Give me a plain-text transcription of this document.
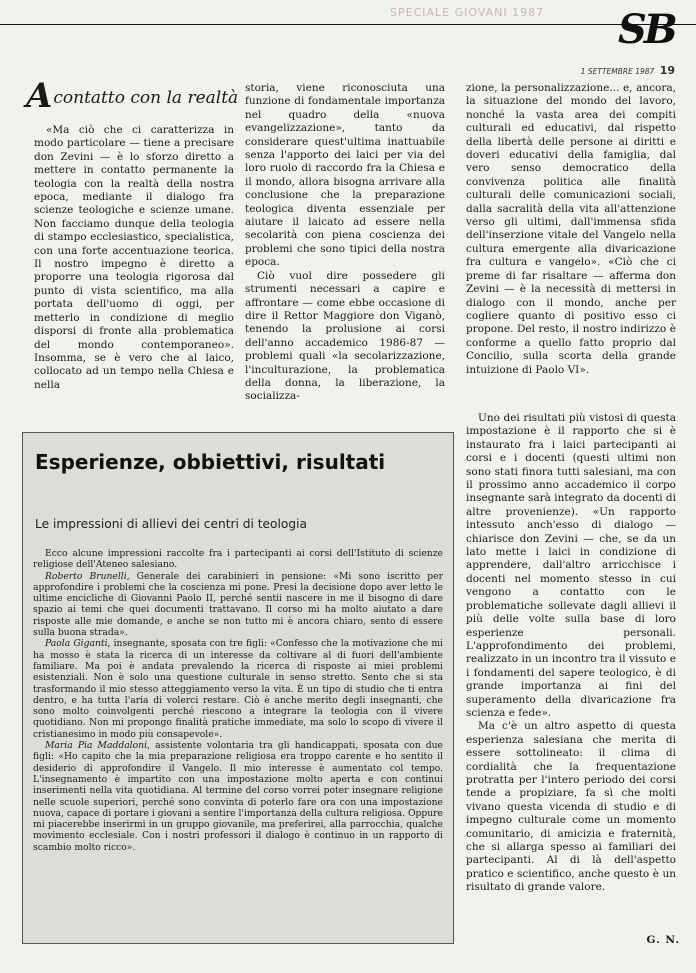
SPECIALE GIOVANI 1987	SB
1 SETTEMBRE 1987 19
Acontatto con la realtà

«Ma ciò che ci caratterizza in modo particolare — tiene a precisare don Zevini — è lo sforzo diretto a mettere in contatto permanente la teologia con la realtà della nostra epoca, mediante il dialogo fra scienze teologiche e scienze umane. Non facciamo dunque della teologia di stampo ecclesiastico, specialistica, con una forte accentuazione teorica. Il nostro impegno è diretto a proporre una teologia rigorosa dal punto di vista scientifico, ma alla portata dell'uomo di oggi, per metterlo in condizione di meglio disporsi di fronte alla problematica del mondo contemporaneo». Insomma, se è vero che al laico, collocato ad un tempo nella Chiesa e nella

storia, viene riconosciuta una funzione di fondamentale importanza nel quadro della «nuova evangelizzazione», tanto da considerare quest'ultima inattuabile senza l'apporto dei laici per via del loro ruolo di raccordo fra la Chiesa e il mondo, allora bisogna arrivare alla conclusione che la preparazione teologica diventa essenziale per aiutare il laicato ad essere nella secolarità con piena coscienza dei problemi che sono tipici della nostra epoca.

Ciò vuol dire possedere gli strumenti necessari a capire e affrontare — come ebbe occasione di dire il Rettor Maggiore don Viganò, tenendo la prolusione ai corsi dell'anno accademico 1986-87 — problemi quali «la secolarizzazione, l'inculturazione, la problematica della donna, la liberazione, la socializza-

zione, la personalizzazione... e, ancora, la situazione del mondo del lavoro, nonché la vasta area dei compiti culturali ed educativi, dal rispetto della libertà delle persone ai diritti e doveri educativi della famiglia, dal vero senso democratico della convivenza politica alle finalità culturali delle comunicazioni sociali, dalla sacralità della vita all'attenzione verso gli ultimi, dall'immensa sfida dell'inserzione vitale del Vangelo nella cultura emergente alla divaricazione fra cultura e vangelo». «Ciò che ci preme di far risaltare — afferma don Zevini — è la necessità di mettersi in dialogo con il mondo, anche per cogliere quanto di positivo esso ci propone. Del resto, il nostro indirizzo è conforme a quello fatto proprio dal Concilio, sulla scorta della grande intuizione di Paolo VI».

Uno dei risultati più vistosi di questa impostazione è il rapporto che si è instaurato fra i laici partecipanti ai corsi e i docenti (questi ultimi non sono stati finora tutti salesiani, ma con il prossimo anno accademico il corpo insegnante sarà integrato da docenti di altre provenienze). «Un rapporto intessuto anch'esso di dialogo — chiarisce don Zevini — che, se da un lato mette i laici in condizione di apprendere, dall'altro arricchisce i docenti nel momento stesso in cui vengono a contatto con le problematiche sollevate dagli allievi il più delle volte sulla base di loro esperienze personali. L'approfondimento dei problemi, realizzato in un incontro tra il vissuto e i fondamenti del sapere teologico, è di grande importanza ai fini del superamento della divaricazione fra scienza e fede».

Ma c'è un altro aspetto di questa esperienza salesiana che merita di essere sottolineato: il clima di cordialità che la frequentazione protratta per l'intero periodo dei corsi tende a propiziare, fa sì che molti vivano questa vicenda di studio e di impegno culturale come un momento comunitario, di amicizia e fraternità, che si allarga spesso ai familiari dei partecipanti. Al di là dell'aspetto pratico e scientifico, anche questo è un risultato di grande valore.

G. N.
Esperienze, obbiettivi, risultati
Le impressioni di allievi dei centri di teologia

Ecco alcune impressioni raccolte fra i partecipanti ai corsi dell'Istituto di scienze religiose dell'Ateneo salesiano.

Roberto Brunelli, Generale dei carabinieri in pensione: «Mi sono iscritto per approfondire i problemi che la coscienza mi pone. Presi la decisione dopo aver letto le ultime encicliche di Giovanni Paolo II, perché sentii nascere in me il bisogno di dare spazio ai temi che quei documenti trattavano. Il corso mi ha molto aiutato a dare risposte alle mie domande, e anche se non tutto mi è ancora chiaro, sento di essere sulla buona strada».

Paola Giganti, insegnante, sposata con tre figli: «Confesso che la motivazione che mi ha mosso è stata la ricerca di un interesse da coltivare al di fuori dell'ambiente familiare. Ma poi è andata prevalendo la ricerca di risposte ai miei problemi esistenziali. Non è solo una questione culturale in senso stretto. Sento che si sta trasformando il mio stesso atteggiamento verso la vita. È un tipo di studio che ti entra dentro, e ha tutta l'aria di volerci restare. Ciò è anche merito degli insegnanti, che sono molto coinvolgenti perché riescono a integrare la teologia con il vivere quotidiano. Non mi propongo finalità pratiche immediate, ma solo lo scopo di vivere il cristianesimo in modo più consapevole».

Maria Pia Maddaloni, assistente volontaria tra gli handicappati, sposata con due figli: «Ho capito che la mia preparazione religiosa era troppo carente e ho sentito il desiderio di approfondire il Vangelo. Il mio interesse è aumentato col tempo. L'insegnamento è impartito con una impostazione molto aperta e con continui inserimenti nella vita quotidiana. Al termine del corso vorrei poter insegnare religione nelle scuole superiori, perché sono convinta di poterlo fare ora con una impostazione nuova, capace di portare i giovani a sentire l'importanza della cultura religiosa. Oppure mi piacerebbe inserirmi in un gruppo giovanile, ma preferirei, alla parrocchia, qualche movimento ecclesiale. Con i nostri professori il dialogo è continuo in un rapporto di scambio molto ricco».
